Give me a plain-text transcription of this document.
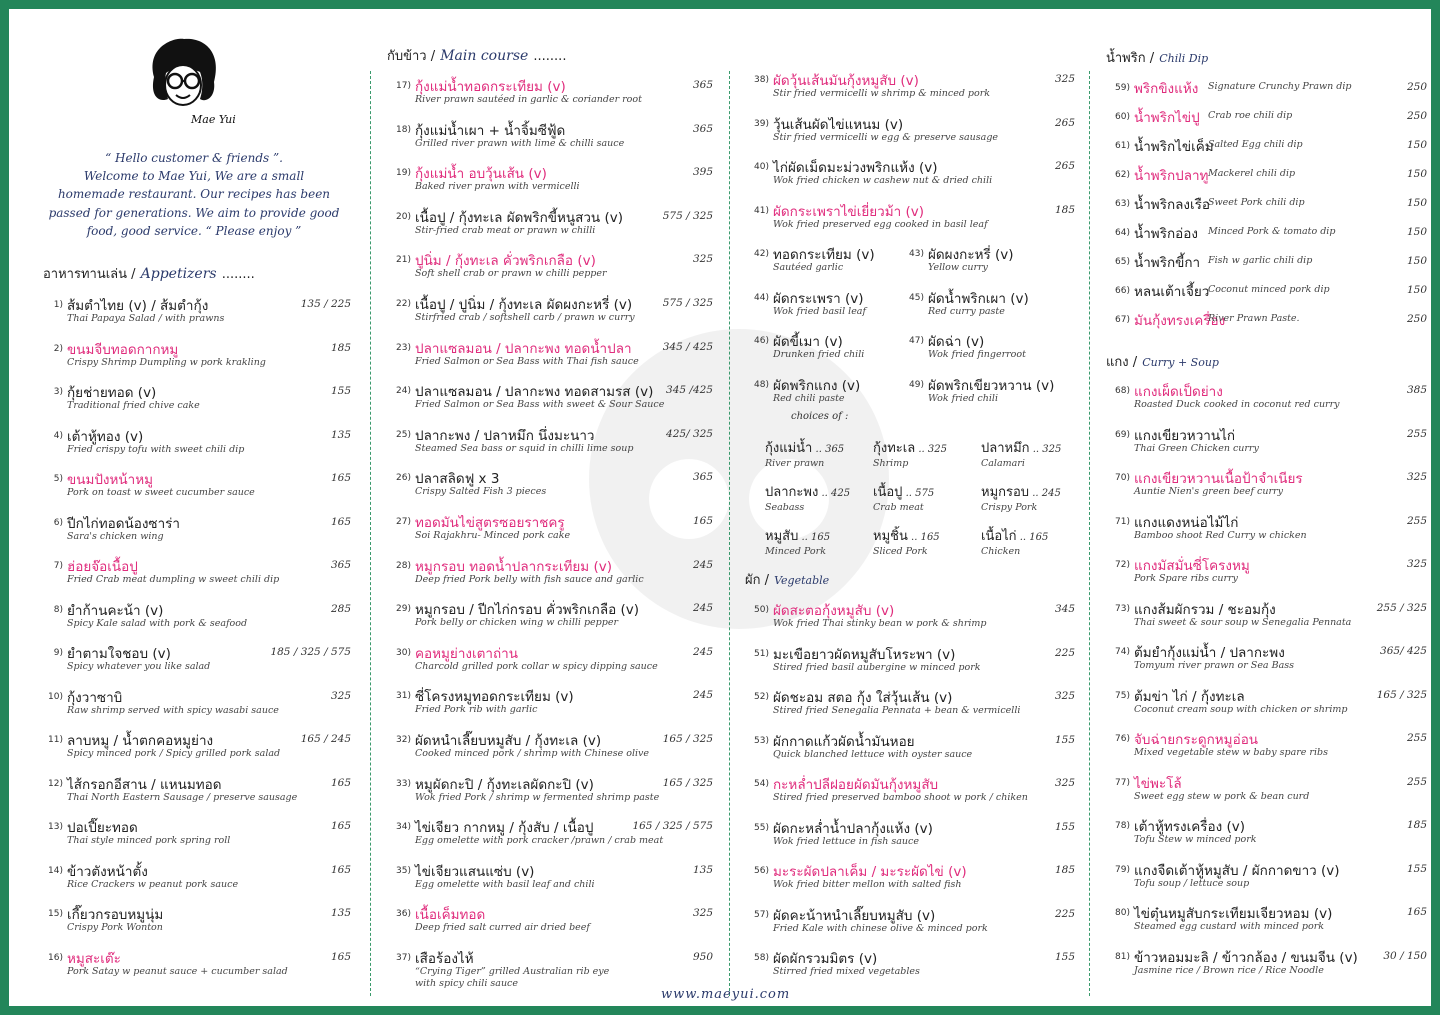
Mae Yui
“ Hello customer & friends ”.
Welcome to Mae Yui, We are a small
homemade restaurant. Our recipes has been
passed for generations. We aim to provide good
food, good service. “ Please enjoy ”
อาหารทานเล่น / Appetizers ........
1) ส้มตำไทย (v) / ส้มตำกุ้ง
Thai Papaya Salad / with prawns
135 / 225
2) ขนมจีบทอดกากหมู
Crispy Shrimp Dumpling w pork krakling
185
3) กุ้ยช่ายทอด (v)
Traditional fried chive cake
155
4) เต้าหู้ทอง (v)
Fried crispy tofu with sweet chili dip
135
5) ขนมปังหน้าหมู
Pork on toast w sweet cucumber sauce
165
6) ปีกไก่ทอดน้องซาร่า
Sara's chicken wing
165
7) ฮ่อยจ๊อเนื้อปู
Fried Crab meat dumpling w sweet chili dip
365
8) ยำก้านคะน้า (v)
Spicy Kale salad with pork & seafood
285
9) ยำตามใจชอบ (v)
Spicy whatever you like salad
185 / 325 / 575
10) กุ้งวาซาบิ
Raw shrimp served with spicy wasabi sauce
325
11) ลาบหมู / น้ำตกคอหมูย่าง
Spicy minced pork / Spicy grilled pork salad
165 / 245
12) ไส้กรอกอีสาน / แหนมทอด
Thai North Eastern Sausage / preserve sausage
165
13) ปอเปี๊ยะทอด
Thai style minced pork spring roll
165
14) ข้าวตังหน้าตั้ง
Rice Crackers w peanut pork sauce
165
15) เกี๊ยวกรอบหมูนุ่ม
Crispy Pork Wonton
135
16) หมูสะเต๊ะ
Pork Satay w peanut sauce + cucumber salad
165
กับข้าว / Main course ........
17) กุ้งแม่น้ำทอดกระเทียม (v)
River prawn sautéed in garlic & coriander root
365
18) กุ้งแม่น้ำเผา + น้ำจิ้มซีฟู้ด
Grilled river prawn with lime & chilli sauce
365
19) กุ้งแม่น้ำ อบวุ้นเส้น (v)
Baked river prawn with vermicelli
395
20) เนื้อปู / กุ้งทะเล ผัดพริกขี้หนูสวน (v)
Stir-fried crab meat or prawn w chilli
575 / 325
21) ปูนิ่ม / กุ้งทะเล คั่วพริกเกลือ (v)
Soft shell crab or prawn w chilli pepper
325
22) เนื้อปู / ปูนิ่ม / กุ้งทะเล ผัดผงกะหรี่ (v)
Stirfried crab / softshell carb / prawn w curry
575 / 325
23) ปลาแซลมอน / ปลากะพง ทอดน้ำปลา
Fried Salmon or Sea Bass with Thai fish sauce
345 / 425
24) ปลาแซลมอน / ปลากะพง ทอดสามรส (v)
Fried Salmon or Sea Bass with sweet & Sour Sauce
345 /425
25) ปลากะพง / ปลาหมึก นึ่งมะนาว
Steamed Sea bass or squid in chilli lime soup
425/ 325
26) ปลาสลิดฟู x 3
Crispy Salted Fish 3 pieces
365
27) ทอดมันไข่สูตรซอยราชครู
Soi Rajakhru- Minced pork cake
165
28) หมูกรอบ ทอดน้ำปลากระเทียม (v)
Deep fried Pork belly with fish sauce and garlic
245
29) หมูกรอบ / ปีกไก่กรอบ คั่วพริกเกลือ (v)
Pork belly or chicken wing w chilli pepper
245
30) คอหมูย่างเตาถ่าน
Charcold grilled pork collar w spicy dipping sauce
245
31) ซี่โครงหมูทอดกระเทียม (v)
Fried Pork rib with garlic
245
32) ผัดหนำเลี๊ยบหมูสับ / กุ้งทะเล (v)
Cooked minced pork / shrimp with Chinese olive
165 / 325
33) หมูผัดกะปิ / กุ้งทะเลผัดกะปิ (v)
Wok fried Pork / shrimp w fermented shrimp paste
165 / 325
34) ไข่เจียว กากหมู / กุ้งสับ / เนื้อปู
Egg omelette with pork cracker /prawn / crab meat
165 / 325 / 575
35) ไข่เจียวแสนแซ่บ (v)
Egg omelette with basil leaf and chili
135
36) เนื้อเค็มทอด
Deep fried salt curred air dried beef
325
37) เสือร้องไห้
“Crying Tiger” grilled Australian rib eye
with spicy chili sauce
950
38) ผัดวุ้นเส้นมันกุ้งหมูสับ (v)
Stir fried vermicelli w shrimp & minced pork
325
39) วุ้นเส้นผัดไข่แหนม (v)
Stir fried vermicelli w egg & preserve sausage
265
40) ไก่ผัดเม็ดมะม่วงพริกแห้ง (v)
Wok fried chicken w cashew nut & dried chili
265
41) ผัดกระเพราไข่เยี่ยวม้า (v)
Wok fried preserved egg cooked in basil leaf
185
42) ทอดกระเทียม (v)
Sautéed garlic
43) ผัดผงกะหรี่ (v)
Yellow curry
44) ผัดกระเพรา (v)
Wok fried basil leaf
45) ผัดน้ำพริกเผา (v)
Red curry paste
46) ผัดขี้เมา (v)
Drunken fried chili
47) ผัดฉ่า (v)
Wok fried fingerroot
48) ผัดพริกแกง (v)
Red chili paste
49) ผัดพริกเขียวหวาน (v)
Wok fried chili
choices of :
กุ้งแม่น้ำ .. 365
River prawn
กุ้งทะเล .. 325
Shrimp
ปลาหมึก .. 325
Calamari
ปลากะพง .. 425
Seabass
เนื้อปู .. 575
Crab meat
หมูกรอบ .. 245
Crispy Pork
หมูสับ .. 165
Minced Pork
หมูชิ้น .. 165
Sliced Pork
เนื้อไก่ .. 165
Chicken
ผัก / Vegetable
50) ผัดสะตอกุ้งหมูสับ (v)
Wok fried Thai stinky bean w pork & shrimp
345
51) มะเขือยาวผัดหมูสับโหระพา (v)
Stired fried basil aubergine w minced pork
225
52) ผัดชะอม สตอ กุ้ง ใส่วุ้นเส้น (v)
Stired fried Senegalia Pennata + bean & vermicelli
325
53) ผักกาดแก้วผัดน้ำมันหอย
Quick blanched lettuce with oyster sauce
155
54) กะหล่ำปลีฝอยผัดมันกุ้งหมูสับ
Stired fried preserved bamboo shoot w pork / chiken
325
55) ผัดกะหล่ำน้ำปลากุ้งแห้ง (v)
Wok fried lettuce in fish sauce
155
56) มะระผัดปลาเค็ม / มะระผัดไข่ (v)
Wok fried bitter mellon with salted fish
185
57) ผัดคะน้าหนำเลี๊ยบหมูสับ (v)
Fried Kale with chinese olive & minced pork
225
58) ผัดผักรวมมิตร (v)
Stirred fried mixed vegetables
155
น้ำพริก / Chili Dip
59) พริกขิงแห้ง Signature Crunchy Prawn dip	250
60) น้ำพริกไข่ปู Crab roe chili dip	250
61) น้ำพริกไข่เค็ม
Salted Egg chili dip	150
62) น้ำพริกปลาทู Mackerel chili dip	150
63) น้ำพริกลงเรือ
Sweet Pork chili dip	150
64) น้ำพริกอ่อง Minced Pork & tomato dip	150
65) น้ำพริกขี้กา Fish w garlic chili dip	150
66) หลนเต้าเจี้ยว
Coconut minced pork dip	150
67) มันกุ้งทรงเครื่อง
River Prawn Paste.	250
แกง / Curry + Soup
68) แกงเผ็ดเป็ดย่าง
Roasted Duck cooked in coconut red curry
385
69) แกงเขียวหวานไก่
Thai Green Chicken curry
255
70) แกงเขียวหวานเนื้อป้าจำเนียร
Auntie Nien's green beef curry
325
71) แกงแดงหน่อไม้ไก่
Bamboo shoot Red Curry w chicken
255
72) แกงมัสมั่นซี่โครงหมู
Pork Spare ribs curry
325
73) แกงส้มผักรวม / ชะอมกุ้ง
Thai sweet & sour soup w Senegalia Pennata
255 / 325
74) ต้มยำกุ้งแม่น้ำ / ปลากะพง
Tomyum river prawn or Sea Bass
365/ 425
75) ต้มข่า ไก่ / กุ้งทะเล
Coconut cream soup with chicken or shrimp
165 / 325
76) จับฉ่ายกระดูกหมูอ่อน
Mixed vegetable stew w baby spare ribs
255
77) ไข่พะโล้
Sweet egg stew w pork & bean curd
255
78) เต้าหู้ทรงเครื่อง (v)
Tofu Stew w minced pork
185
79) แกงจืดเต้าหู้หมูสับ / ผักกาดขาว (v)
Tofu soup / lettuce soup
155
80) ไข่ตุ๋นหมูสับกระเทียมเจียวหอม (v)
Steamed egg custard with minced pork
165
81) ข้าวหอมมะลิ / ข้าวกล้อง / ขนมจีน (v)
Jasmine rice / Brown rice / Rice Noodle
30 / 150
www.maeyui.com
